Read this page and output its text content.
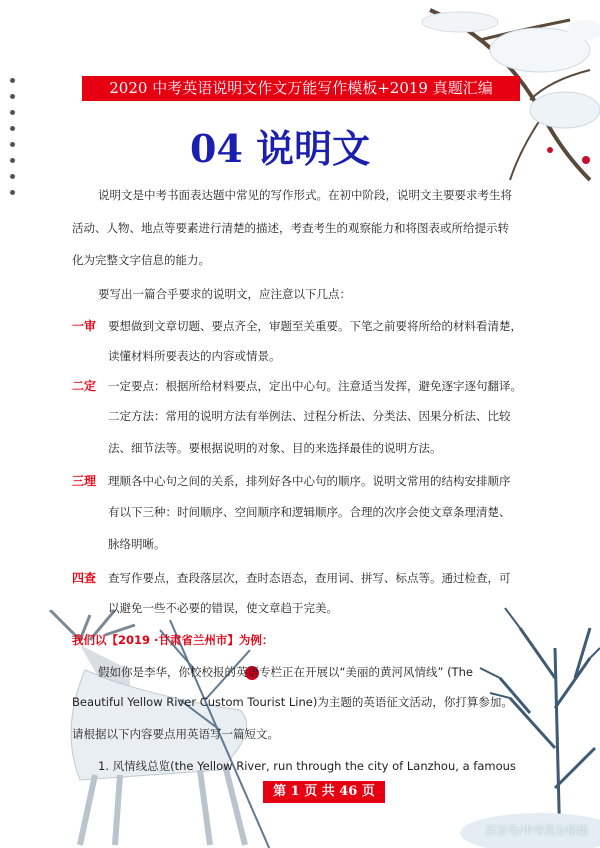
2020 中考英语说明文作文万能写作模板+2019 真题汇编
04 说明文
说明文是中考书面表达题中常见的写作形式。在初中阶段，说明文主要要求考生将
活动、人物、地点等要素进行清楚的描述，考查考生的观察能力和将图表或所给提示转
化为完整文字信息的能力。
要写出一篇合乎要求的说明文，应注意以下几点：
一审 要想做到文章切题、要点齐全，审题至关重要。下笔之前要将所给的材料看清楚，
读懂材料所要表达的内容或情景。
二定 一定要点：根据所给材料要点，定出中心句。注意适当发挥，避免逐字逐句翻译。
二定方法：常用的说明方法有举例法、过程分析法、分类法、因果分析法、比较
法、细节法等。要根据说明的对象、目的来选择最佳的说明方法。
三理 理顺各中心句之间的关系，排列好各中心句的顺序。说明文常用的结构安排顺序
有以下三种：时间顺序、空间顺序和逻辑顺序。合理的次序会使文章条理清楚、
脉络明晰。
四查 查写作要点，查段落层次，查时态语态，查用词、拼写、标点等。通过检查，可
以避免一些不必要的错误，使文章趋于完美。
我们以【2019 ·甘肃省兰州市】为例：
假如你是李华，你校校报的英语专栏正在开展以“美丽的黄河风情线” (The
Beautiful Yellow River Custom Tourist Line)为主题的英语征文活动，你打算参加。
请根据以下内容要点用英语写一篇短文。
1. 风情线总览(the Yellow River, run through the city of Lanzhou, a famous
第 1 页 共 46 页
百家号/中考高分秘籍
